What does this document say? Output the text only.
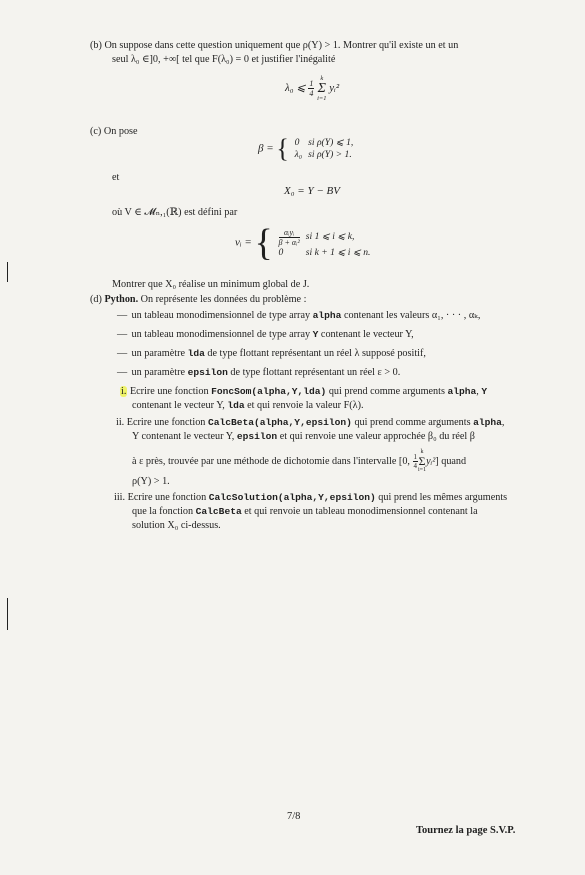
(b) On suppose dans cette question uniquement que ρ(Y) > 1. Montrer qu'il existe un et un
seul λ₀ ∈]0, +∞[ tel que F(λ₀) = 0 et justifier l'inégalité
λ₀ ⩽ $\frac{1}{4}$
k
Σ
i=1 yᵢ²
(c) On pose
β = { 0	si ρ(Y) ⩽ 1,
λ₀	si ρ(Y) > 1.
et
X₀ = Y − BV
où V ∈ 𝓜ₙ,₁(ℝ) est défini par
vᵢ = { $\frac{\text{αᵢyᵢ}}{\text{β + αᵢ²}}$	si 1 ⩽ i ⩽ k,
0	si k + 1 ⩽ i ⩽ n.
Montrer que X₀ réalise un minimum global de J.
(d) Python. On représente les données du problème :
— un tableau monodimensionnel de type array alpha contenant les valeurs α₁, · · · , αₖ,
— un tableau monodimensionnel de type array Y contenant le vecteur Y,
— un paramètre lda de type flottant représentant un réel λ supposé positif,
— un paramètre epsilon de type flottant représentant un réel ε > 0.
i. Ecrire une fonction FoncSom(alpha,Y,lda) qui prend comme arguments alpha, Y
contenant le vecteur Y, lda et qui renvoie la valeur F(λ).
ii. Ecrire une fonction CalcBeta(alpha,Y,epsilon) qui prend comme arguments alpha,
Y contenant le vecteur Y, epsilon et qui renvoie une valeur approchée β₀ du réel β
à ε près, trouvée par une méthode de dichotomie dans l'intervalle [0, $\frac{1}{4}$
k
Σ
i=1yᵢ²] quand
ρ(Y) > 1.
iii. Ecrire une fonction CalcSolution(alpha,Y,epsilon) qui prend les mêmes arguments
que la fonction CalcBeta et qui renvoie un tableau monodimensionnel contenant la
solution X₀ ci-dessus.
7/8
Tournez la page S.V.P.
